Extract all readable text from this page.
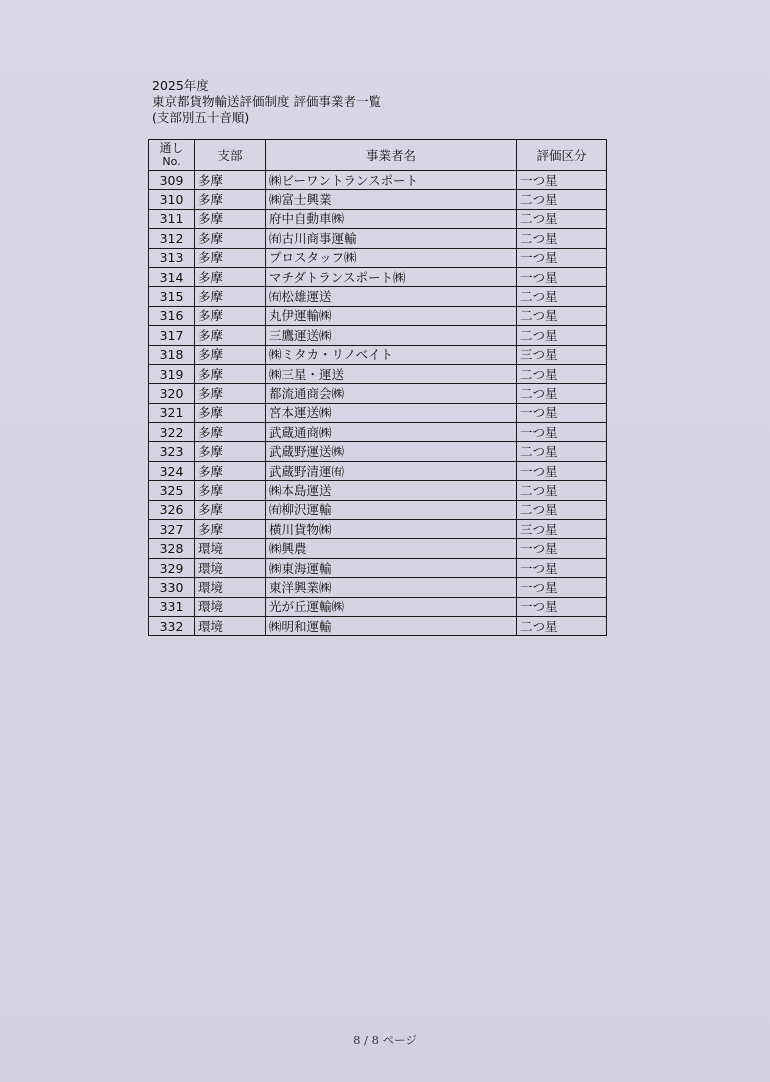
2025年度
東京都貨物輸送評価制度 評価事業者一覧
(支部別五十音順)
通し
No.	支部	事業者名	評価区分
309	多摩	㈱ビーワントランスポート	一つ星
310	多摩	㈱富士興業	二つ星
311	多摩	府中自動車㈱	二つ星
312	多摩	㈲古川商事運輸	二つ星
313	多摩	プロスタッフ㈱	一つ星
314	多摩	マチダトランスポート㈱	一つ星
315	多摩	㈲松雄運送	二つ星
316	多摩	丸伊運輸㈱	二つ星
317	多摩	三鷹運送㈱	二つ星
318	多摩	㈱ミタカ・リノベイト	三つ星
319	多摩	㈱三星・運送	二つ星
320	多摩	都流通商会㈱	二つ星
321	多摩	宮本運送㈱	一つ星
322	多摩	武蔵通商㈱	一つ星
323	多摩	武蔵野運送㈱	二つ星
324	多摩	武蔵野清運㈲	一つ星
325	多摩	㈱本島運送	二つ星
326	多摩	㈲柳沢運輸	二つ星
327	多摩	横川貨物㈱	三つ星
328	環境	㈱興農	一つ星
329	環境	㈱東海運輸	一つ星
330	環境	東洋興業㈱	一つ星
331	環境	光が丘運輸㈱	一つ星
332	環境	㈱明和運輸	二つ星
8 / 8 ページ
